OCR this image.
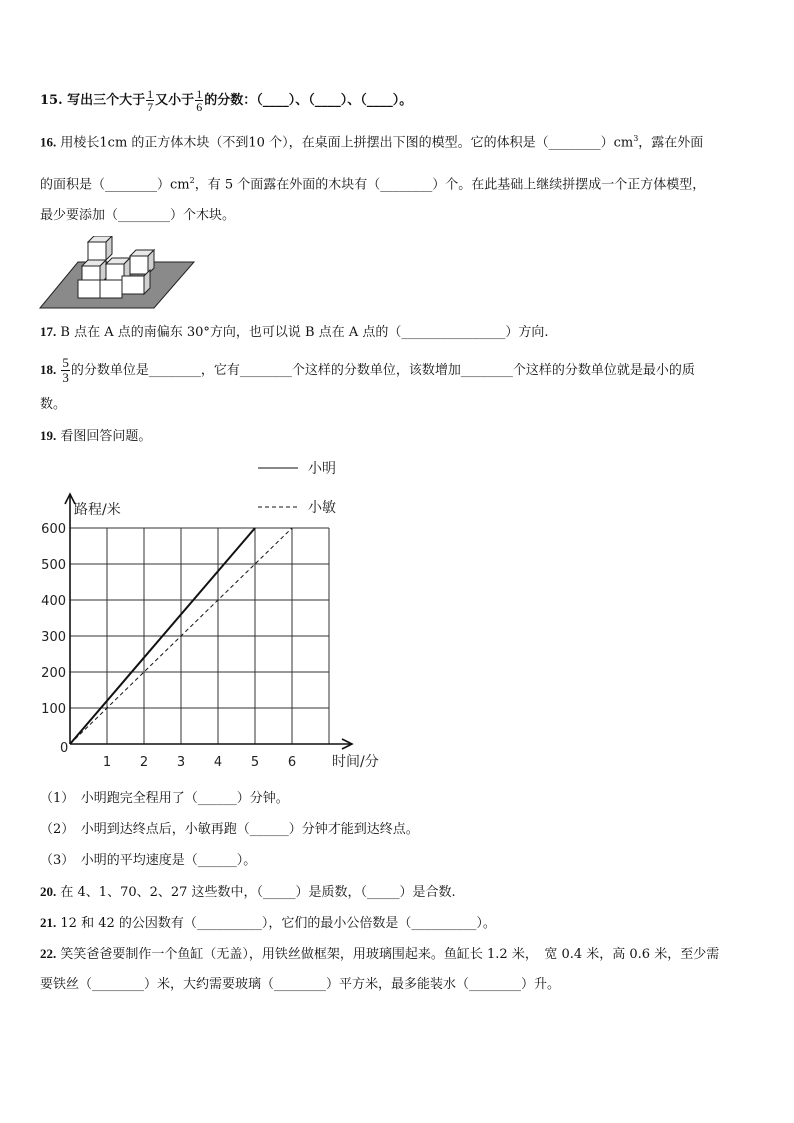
15. 写出三个大于 $\frac{1}{7}$ 又小于 $\frac{1}{6}$ 的分数：（____）、（____）、（____）。
16. 用棱长1cm 的正方体木块（不到10 个），在桌面上拼摆出下图的模型。它的体积是$(\_\_\_\_\_\_\_\_)cm^3$，露在外面
的面积是$(\_\_\_\_\_\_\_\_)cm^2$，有 5 个面露在外面的木块有（________）个。在此基础上继续拼摆成一个正方体模型，
最少要添加（________）个木块。
17. B 点在 A 点的南偏东 30°方向，也可以说 B 点在 A 点的（________________）方向.
18. $\frac{5}{3}$ 的分数单位是________，它有________个这样的分数单位，该数增加________个这样的分数单位就是最小的质
数。
19. 看图回答问题。
小明
小敏
路程/米
时间/分
0
1 2 3 4 5 6
100
200
300
400
500
600
（1）　小明跑完全程用了（______）分钟。
（2）　小明到达终点后，小敏再跑（______）分钟才能到达终点。
（3）　小明的平均速度是（______）。
20. 在 4、1、70、2、27 这些数中，（_____）是质数，（_____）是合数.
21. 12 和 42 的公因数有（__________），它们的最小公倍数是（__________）。
22. 笑笑爸爸要制作一个鱼缸（无盖），用铁丝做框架，用玻璃围起来。鱼缸长 1.2 米，　宽 0.4 米，高 0.6 米，至少需
要铁丝（________）米，大约需要玻璃（________）平方米，最多能装水（________）升。
